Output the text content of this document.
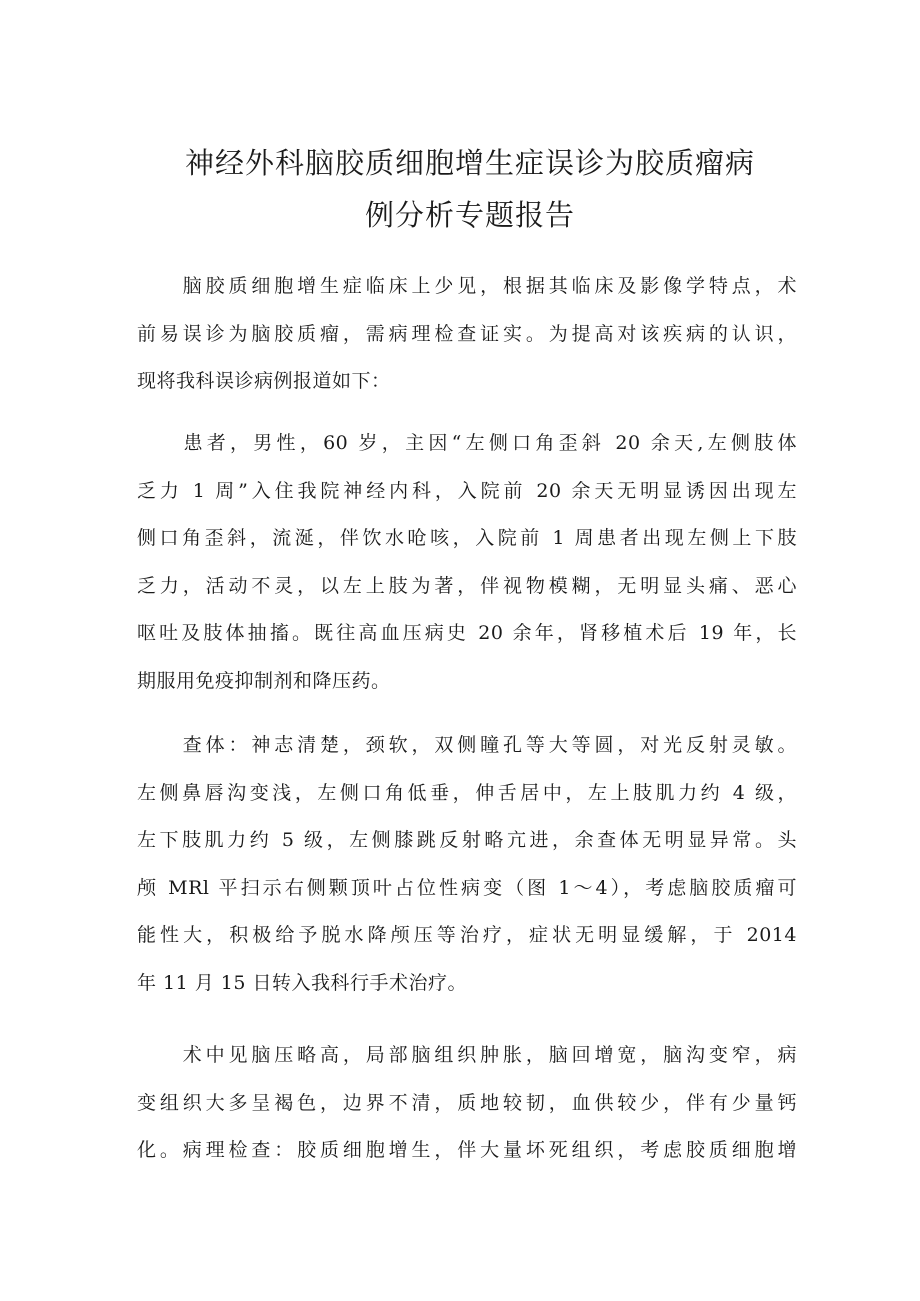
神经外科脑胶质细胞增生症误诊为胶质瘤病
例分析专题报告
　　脑胶质细胞增生症临床上少见，根据其临床及影像学特点，术
前易误诊为脑胶质瘤，需病理检查证实。为提高对该疾病的认识，
现将我科误诊病例报道如下：
　　患者，男性，60 岁，主因“左侧口角歪斜 20 余天,左侧肢体
乏力 1 周”入住我院神经内科，入院前 20 余天无明显诱因出现左
侧口角歪斜，流涎，伴饮水呛咳，入院前 1 周患者出现左侧上下肢
乏力，活动不灵，以左上肢为著，伴视物模糊，无明显头痛、恶心
呕吐及肢体抽搐。既往高血压病史 20 余年，肾移植术后 19 年，长
期服用免疫抑制剂和降压药。
　　查体：神志清楚，颈软，双侧瞳孔等大等圆，对光反射灵敏。
左侧鼻唇沟变浅，左侧口角低垂，伸舌居中，左上肢肌力约 4 级，
左下肢肌力约 5 级，左侧膝跳反射略亢进，余查体无明显异常。头
颅 MRl 平扫示右侧颗顶叶占位性病变（图 1～4），考虑脑胶质瘤可
能性大，积极给予脱水降颅压等治疗，症状无明显缓解，于 2014
年 11 月 15 日转入我科行手术治疗。
　　术中见脑压略高，局部脑组织肿胀，脑回增宽，脑沟变窄，病
变组织大多呈褐色，边界不清，质地较韧，血供较少，伴有少量钙
化。病理检查：胶质细胞增生，伴大量坏死组织，考虑胶质细胞增
